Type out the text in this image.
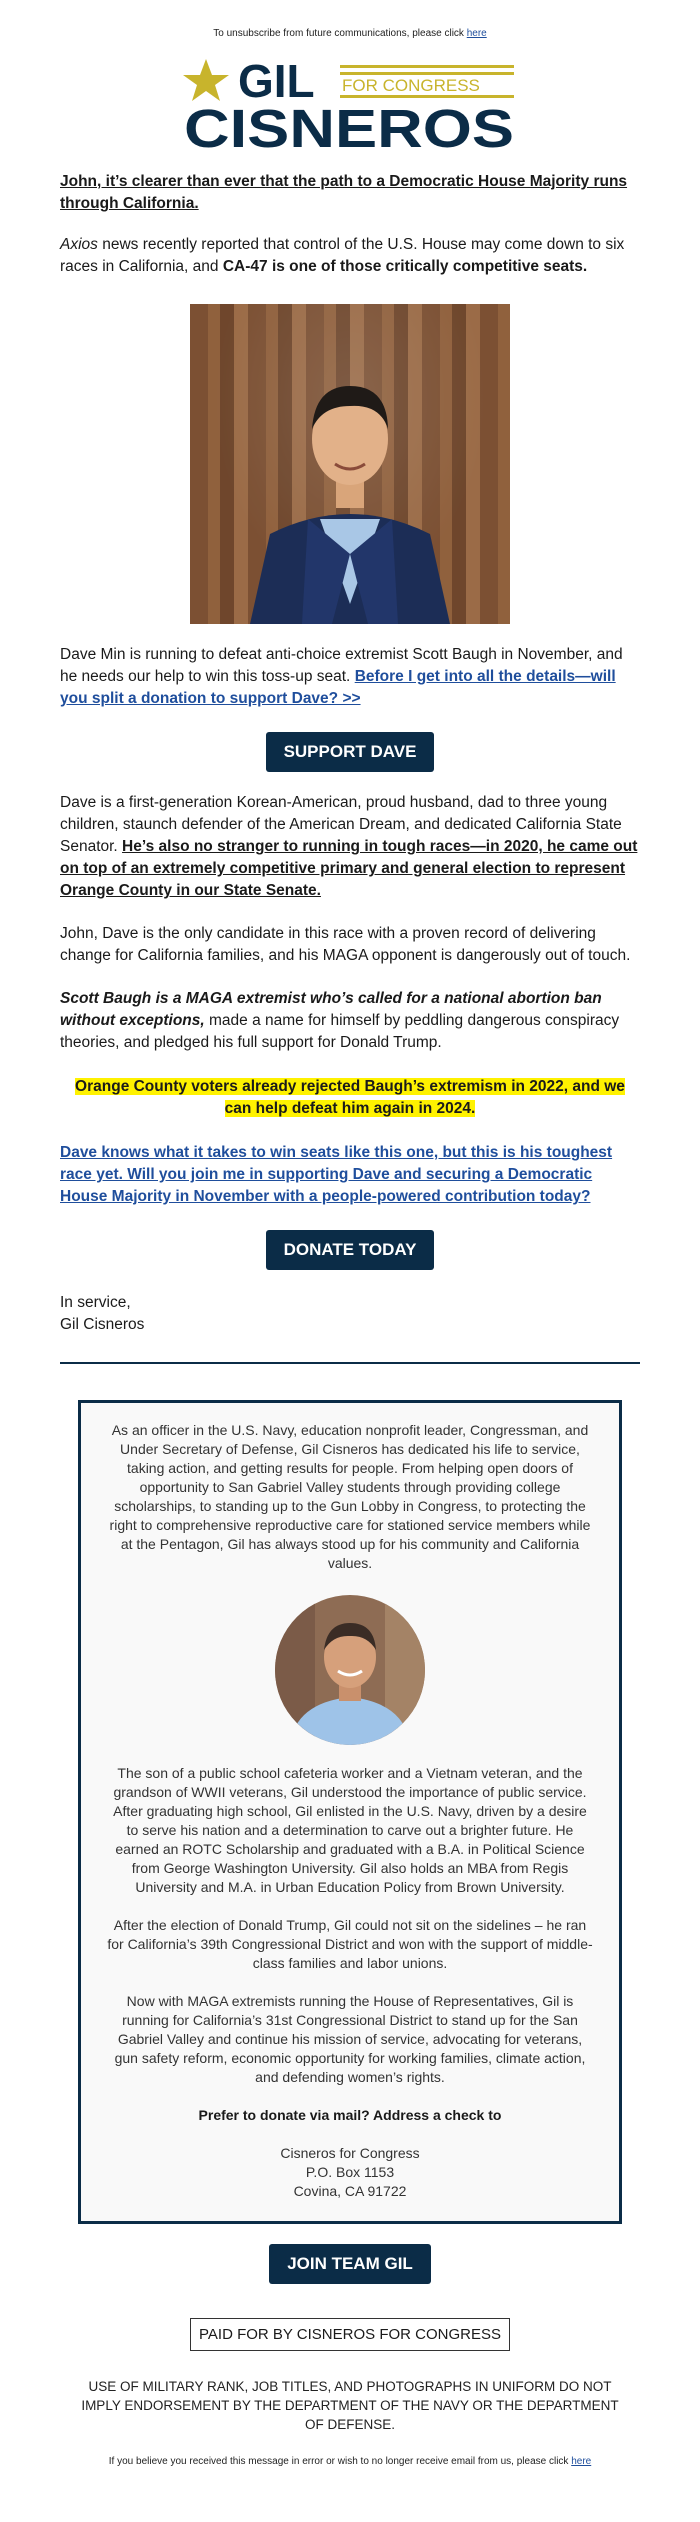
To unsubscribe from future communications, please click here
GIL FOR CONGRESS
CISNEROS

John, it’s clearer than ever that the path to a Democratic House Majority runs through California.

Axios news recently reported that control of the U.S. House may come down to six races in California, and CA-47 is one of those critically competitive seats.

Dave Min is running to defeat anti-choice extremist Scott Baugh in November, and he needs our help to win this toss-up seat. Before I get into all the details—will you split a donation to support Dave? >>

SUPPORT DAVE

Dave is a first-generation Korean-American, proud husband, dad to three young children, staunch defender of the American Dream, and dedicated California State Senator. He’s also no stranger to running in tough races—in 2020, he came out on top of an extremely competitive primary and general election to represent Orange County in our State Senate.

John, Dave is the only candidate in this race with a proven record of delivering change for California families, and his MAGA opponent is dangerously out of touch.

Scott Baugh is a MAGA extremist who’s called for a national abortion ban without exceptions, made a name for himself by peddling dangerous conspiracy theories, and pledged his full support for Donald Trump.

Orange County voters already rejected Baugh’s extremism in 2022, and we can help defeat him again in 2024.

Dave knows what it takes to win seats like this one, but this is his toughest race yet. Will you join me in supporting Dave and securing a Democratic House Majority in November with a people-powered contribution today?

DONATE TODAY
In service,
Gil Cisneros

As an officer in the U.S. Navy, education nonprofit leader, Congressman, and Under Secretary of Defense, Gil Cisneros has dedicated his life to service, taking action, and getting results for people. From helping open doors of opportunity to San Gabriel Valley students through providing college scholarships, to standing up to the Gun Lobby in Congress, to protecting the right to comprehensive reproductive care for stationed service members while at the Pentagon, Gil has always stood up for his community and California values.

The son of a public school cafeteria worker and a Vietnam veteran, and the grandson of WWII veterans, Gil understood the importance of public service. After graduating high school, Gil enlisted in the U.S. Navy, driven by a desire to serve his nation and a determination to carve out a brighter future. He earned an ROTC Scholarship and graduated with a B.A. in Political Science from George Washington University. Gil also holds an MBA from Regis University and M.A. in Urban Education Policy from Brown University.

After the election of Donald Trump, Gil could not sit on the sidelines – he ran for California’s 39th Congressional District and won with the support of middle-class families and labor unions.

Now with MAGA extremists running the House of Representatives, Gil is running for California’s 31st Congressional District to stand up for the San Gabriel Valley and continue his mission of service, advocating for veterans, gun safety reform, economic opportunity for working families, climate action, and defending women’s rights.

Prefer to donate via mail? Address a check to

Cisneros for Congress
P.O. Box 1153
Covina, CA 91722

JOIN TEAM GIL
PAID FOR BY CISNEROS FOR CONGRESS
USE OF MILITARY RANK, JOB TITLES, AND PHOTOGRAPHS IN UNIFORM DO NOT IMPLY ENDORSEMENT BY THE DEPARTMENT OF THE NAVY OR THE DEPARTMENT OF DEFENSE.
If you believe you received this message in error or wish to no longer receive email from us, please click here
